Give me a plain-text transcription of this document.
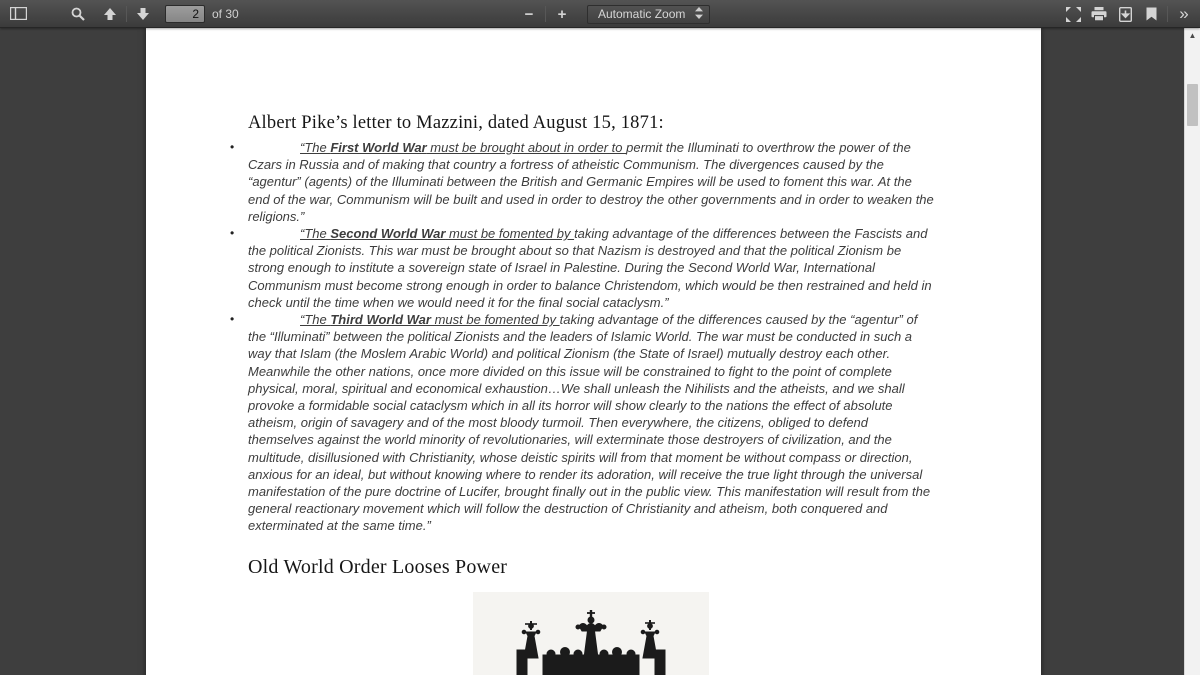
2
of 30	− +	Automatic Zoom	»
Albert Pike’s letter to Mazzini, dated August 15, 1871:
•	“The First World War must be brought about in order to permit the Illuminati to overthrow the power of the Czars in Russia and of making that country a fortress of atheistic Communism. The divergences caused by the “agentur” (agents) of the Illuminati between the British and Germanic Empires will be used to foment this war. At the end of the war, Communism will be built and used in order to destroy the other governments and in order to weaken the religions.”
•	“The Second World War must be fomented by taking advantage of the differences between the Fascists and the political Zionists. This war must be brought about so that Nazism is destroyed and that the political Zionism be strong enough to institute a sovereign state of Israel in Palestine. During the Second World War, International Communism must become strong enough in order to balance Christendom, which would be then restrained and held in check until the time when we would need it for the final social cataclysm.”
•	“The Third World War must be fomented by taking advantage of the differences caused by the “agentur” of the “Illuminati” between the political Zionists and the leaders of Islamic World. The war must be conducted in such a way that Islam (the Moslem Arabic World) and political Zionism (the State of Israel) mutually destroy each other. Meanwhile the other nations, once more divided on this issue will be constrained to fight to the point of complete physical, moral, spiritual and economical exhaustion…We shall unleash the Nihilists and the atheists, and we shall provoke a formidable social cataclysm which in all its horror will show clearly to the nations the effect of absolute atheism, origin of savagery and of the most bloody turmoil. Then everywhere, the citizens, obliged to defend themselves against the world minority of revolutionaries, will exterminate those destroyers of civilization, and the multitude, disillusioned with Christianity, whose deistic spirits will from that moment be without compass or direction, anxious for an ideal, but without knowing where to render its adoration, will receive the true light through the universal manifestation of the pure doctrine of Lucifer, brought finally out in the public view. This manifestation will result from the general reactionary movement which will follow the destruction of Christianity and atheism, both conquered and exterminated at the same time.”
Old World Order Looses Power
▲
